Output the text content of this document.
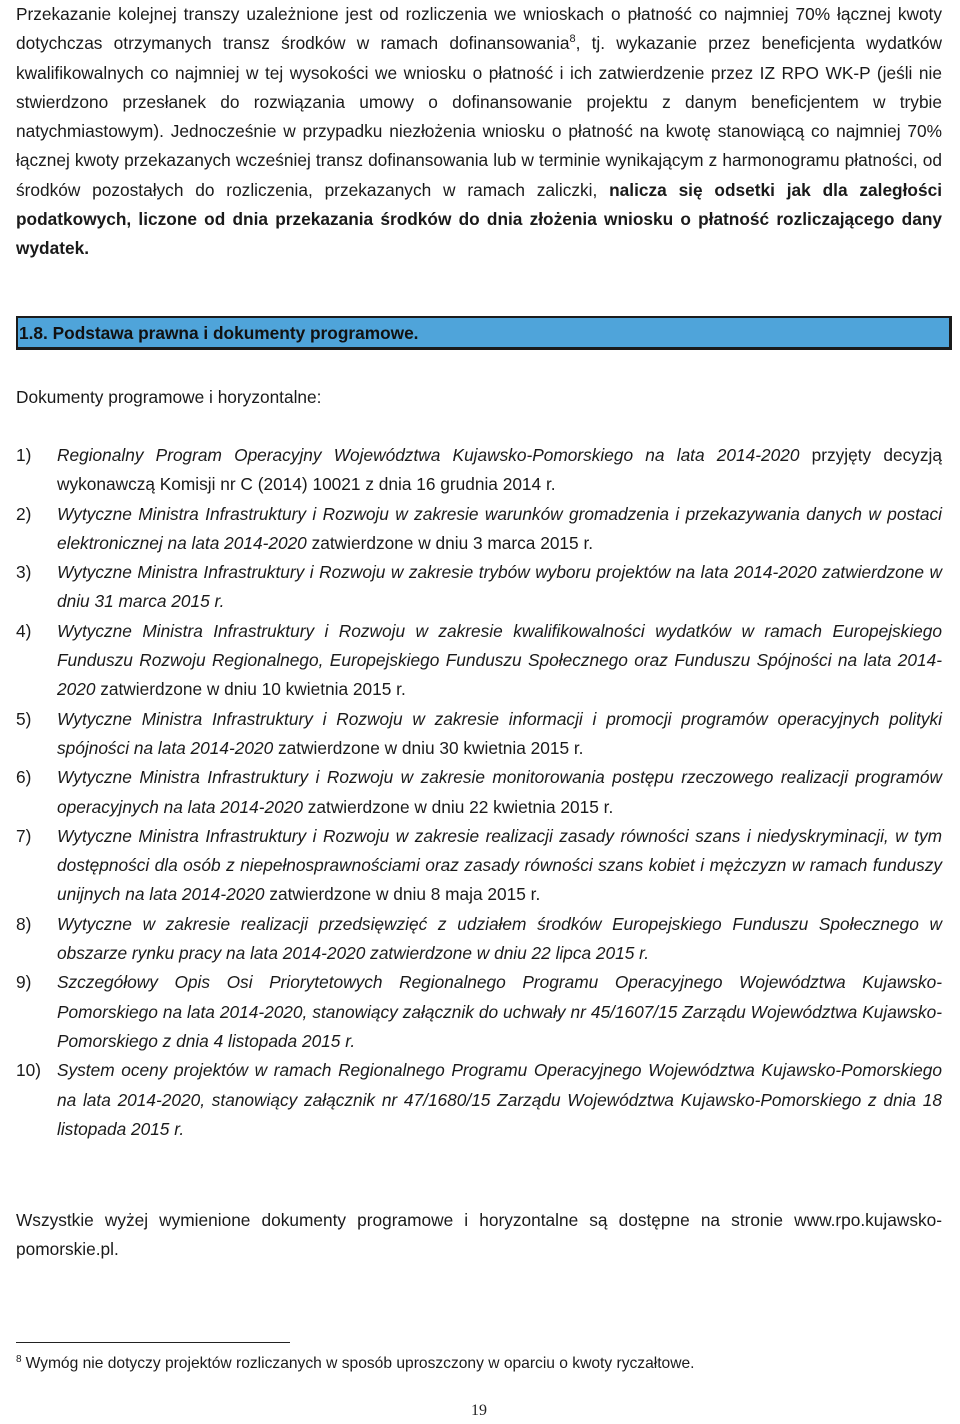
Przekazanie kolejnej transzy uzależnione jest od rozliczenia we wnioskach o płatność co najmniej 70% łącznej kwoty dotychczas otrzymanych transz środków w ramach dofinansowania$^8$, tj. wykazanie przez beneficjenta wydatków kwalifikowalnych co najmniej w tej wysokości we wniosku o płatność i ich zatwierdzenie przez IZ RPO WK-P (jeśli nie stwierdzono przesłanek do rozwiązania umowy o dofinansowanie projektu z danym beneficjentem w trybie natychmiastowym). Jednocześnie w przypadku niezłożenia wniosku o płatność na kwotę stanowiącą co najmniej 70% łącznej kwoty przekazanych wcześniej transz dofinansowania lub w terminie wynikającym z harmonogramu płatności, od środków pozostałych do rozliczenia, przekazanych w ramach zaliczki, nalicza się odsetki jak dla zaległości podatkowych, liczone od dnia przekazania środków do dnia złożenia wniosku o płatność rozliczającego dany wydatek.

1.8. Podstawa prawna i dokumenty programowe.
Dokumenty programowe i horyzontalne:
1) Regionalny Program Operacyjny Województwa Kujawsko-Pomorskiego na lata 2014-2020 przyjęty decyzją wykonawczą Komisji nr C (2014) 10021 z dnia 16 grudnia 2014 r.
2) Wytyczne Ministra Infrastruktury i Rozwoju w zakresie warunków gromadzenia i przekazywania danych w postaci elektronicznej na lata 2014-2020 zatwierdzone w dniu 3 marca 2015 r.
3) Wytyczne Ministra Infrastruktury i Rozwoju w zakresie trybów wyboru projektów na lata 2014-2020 zatwierdzone w dniu 31 marca 2015 r.
4) Wytyczne Ministra Infrastruktury i Rozwoju w zakresie kwalifikowalności wydatków w ramach Europejskiego Funduszu Rozwoju Regionalnego, Europejskiego Funduszu Społecznego oraz Funduszu Spójności na lata 2014-2020 zatwierdzone w dniu 10 kwietnia 2015 r.
5) Wytyczne Ministra Infrastruktury i Rozwoju w zakresie informacji i promocji programów operacyjnych polityki spójności na lata 2014-2020 zatwierdzone w dniu 30 kwietnia 2015 r.
6) Wytyczne Ministra Infrastruktury i Rozwoju w zakresie monitorowania postępu rzeczowego realizacji programów operacyjnych na lata 2014-2020 zatwierdzone w dniu 22 kwietnia 2015 r.
7) Wytyczne Ministra Infrastruktury i Rozwoju w zakresie realizacji zasady równości szans i niedyskryminacji, w tym dostępności dla osób z niepełnosprawnościami oraz zasady równości szans kobiet i mężczyzn w ramach funduszy unijnych na lata 2014-2020 zatwierdzone w dniu 8 maja 2015 r.
8) Wytyczne w zakresie realizacji przedsięwzięć z udziałem środków Europejskiego Funduszu Społecznego w obszarze rynku pracy na lata 2014-2020 zatwierdzone w dniu 22 lipca 2015 r.
9) Szczegółowy Opis Osi Priorytetowych Regionalnego Programu Operacyjnego Województwa Kujawsko-Pomorskiego na lata 2014-2020, stanowiący załącznik do uchwały nr 45/1607/15 Zarządu Województwa Kujawsko-Pomorskiego z dnia 4 listopada 2015 r.
10) System oceny projektów w ramach Regionalnego Programu Operacyjnego Województwa Kujawsko-Pomorskiego na lata 2014-2020, stanowiący załącznik nr 47/1680/15 Zarządu Województwa Kujawsko-Pomorskiego z dnia 18 listopada 2015 r.

Wszystkie wyżej wymienione dokumenty programowe i horyzontalne są dostępne na stronie www.rpo.kujawsko-pomorskie.pl.

$^8$ Wymóg nie dotyczy projektów rozliczanych w sposób uproszczony w oparciu o kwoty ryczałtowe.
19
